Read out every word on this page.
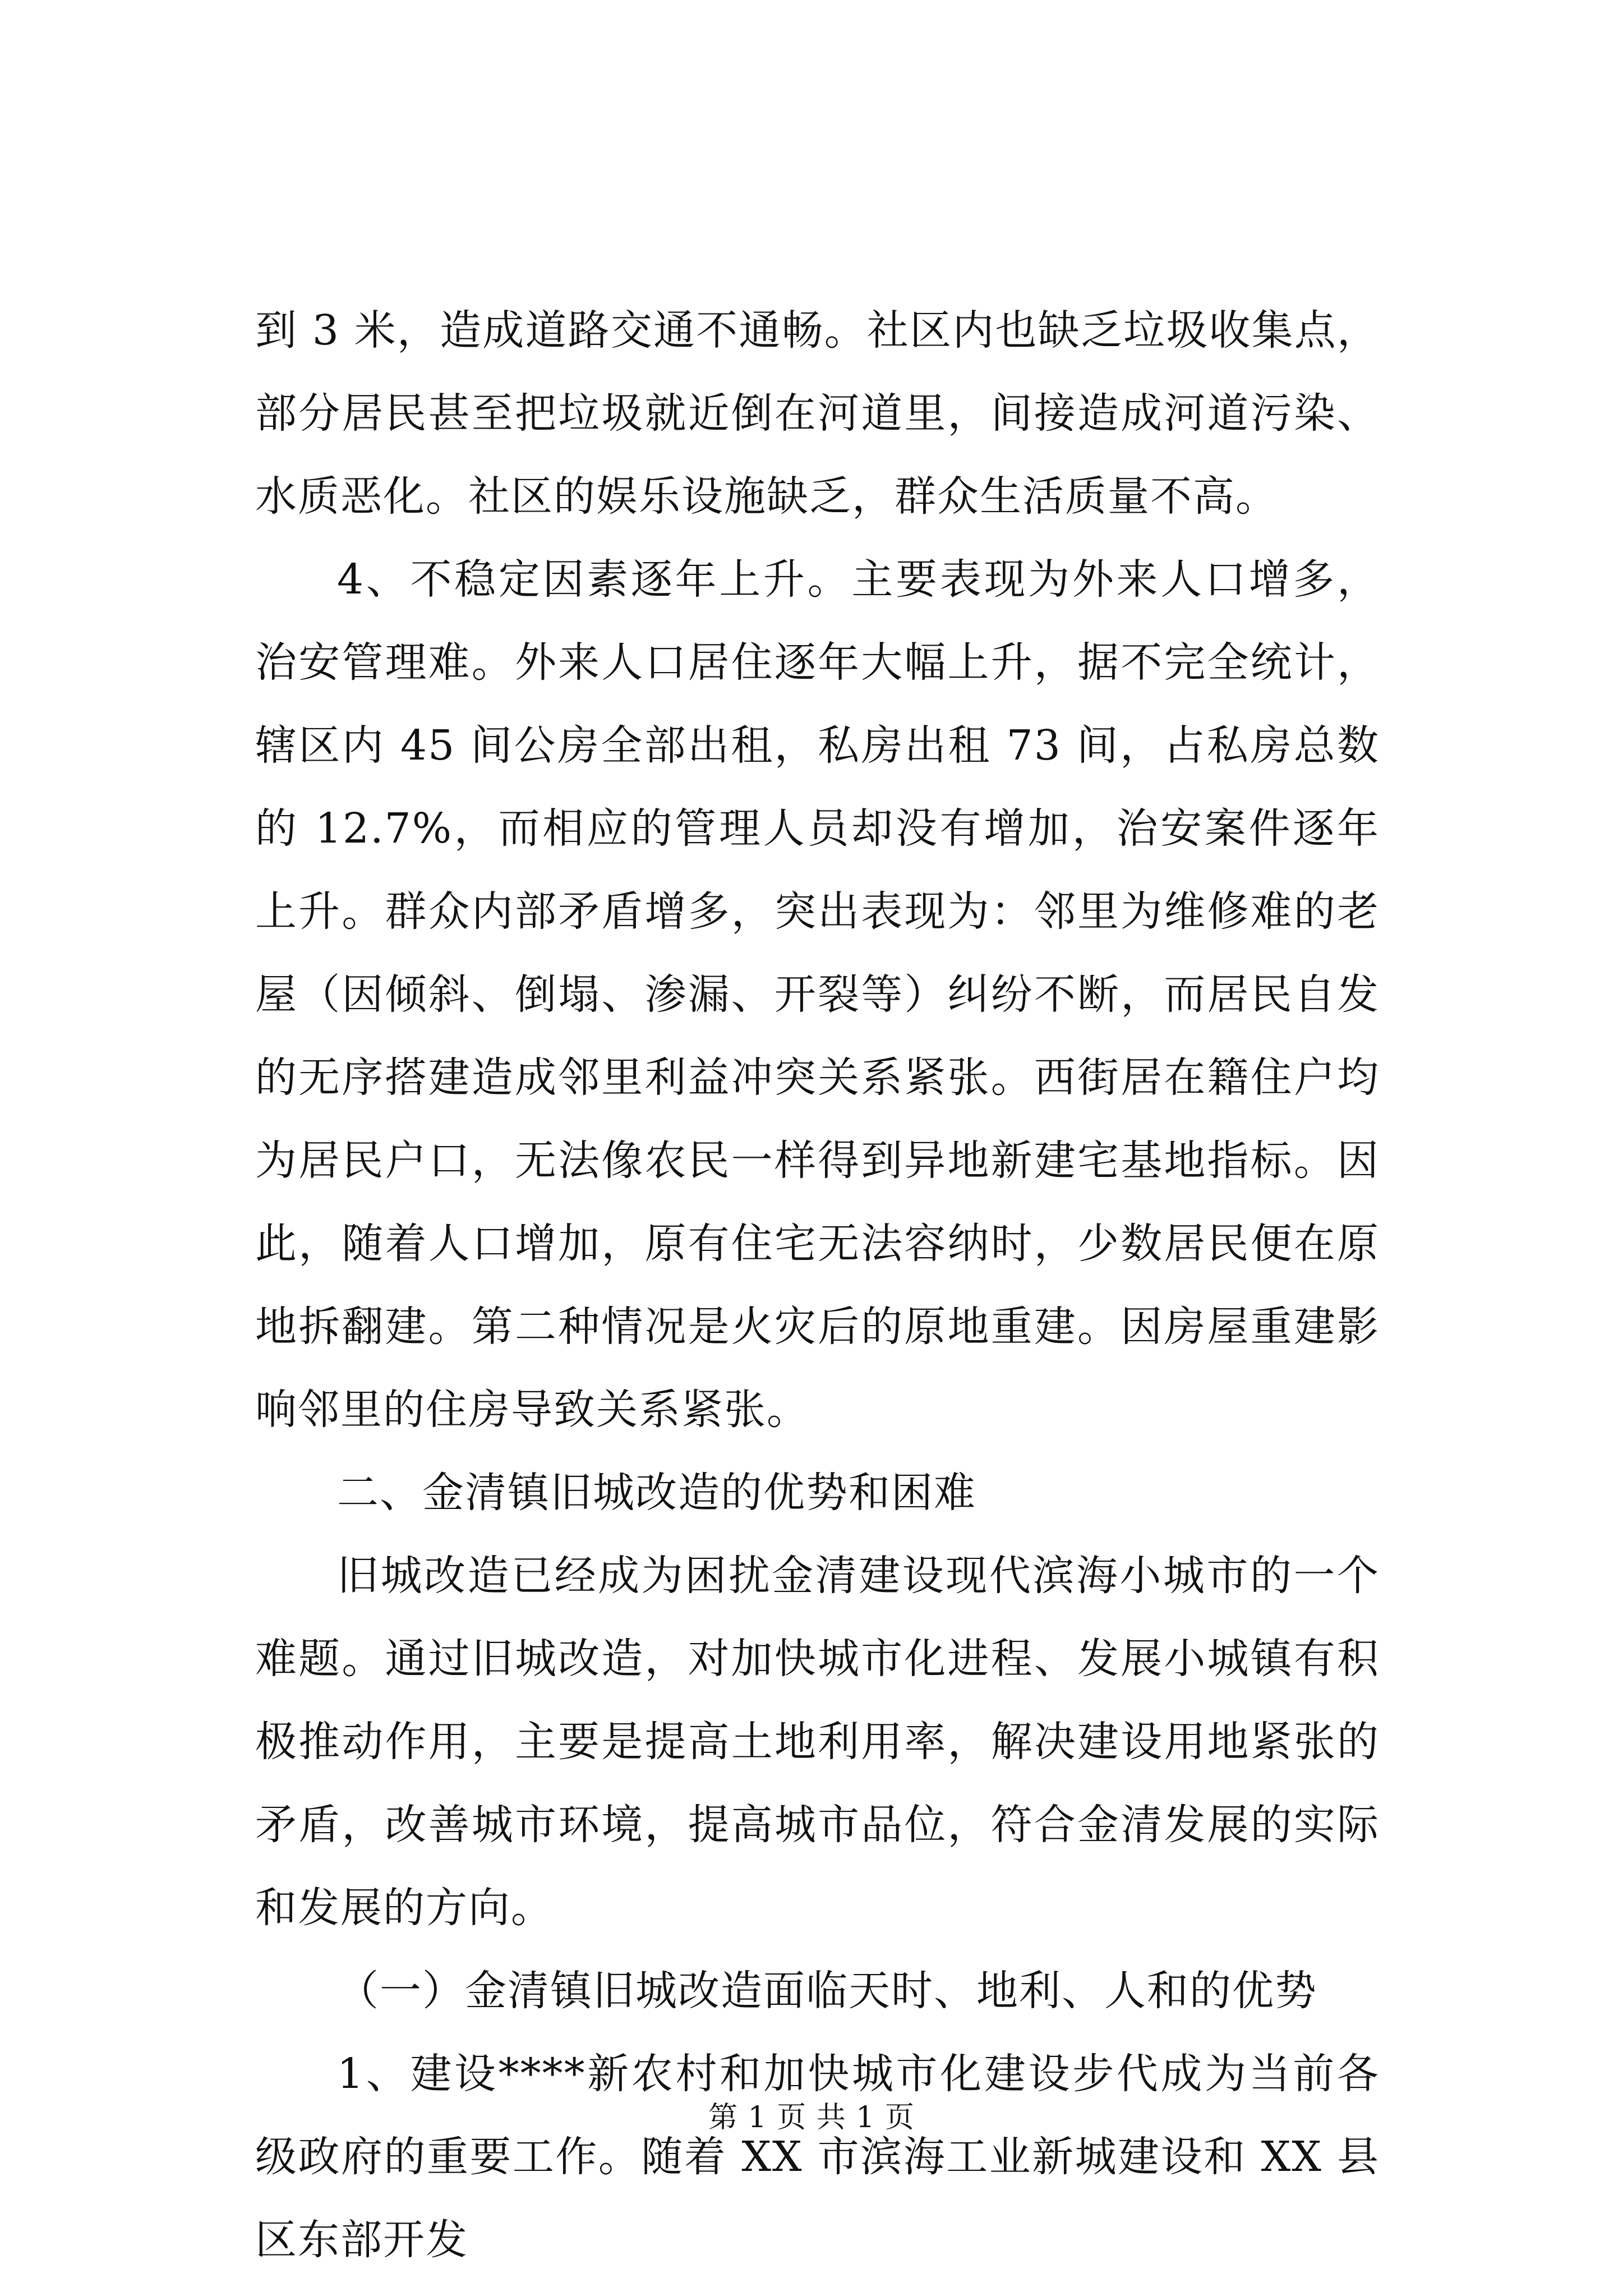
到 3 米，造成道路交通不通畅。社区内也缺乏垃圾收集点，部分居民甚至把垃圾就近倒在河道里，间接造成河道污染、水质恶化。社区的娱乐设施缺乏，群众生活质量不高。

4、不稳定因素逐年上升。主要表现为外来人口增多，治安管理难。外来人口居住逐年大幅上升，据不完全统计，辖区内 45 间公房全部出租，私房出租 73 间，占私房总数的 12.7%，而相应的管理人员却没有增加，治安案件逐年上升。群众内部矛盾增多，突出表现为：邻里为维修难的老屋（因倾斜、倒塌、渗漏、开裂等）纠纷不断，而居民自发的无序搭建造成邻里利益冲突关系紧张。西街居在籍住户均为居民户口，无法像农民一样得到异地新建宅基地指标。因此，随着人口增加，原有住宅无法容纳时，少数居民便在原地拆翻建。第二种情况是火灾后的原地重建。因房屋重建影响邻里的住房导致关系紧张。

二、金清镇旧城改造的优势和困难

旧城改造已经成为困扰金清建设现代滨海小城市的一个难题。通过旧城改造，对加快城市化进程、发展小城镇有积极推动作用，主要是提高土地利用率，解决建设用地紧张的矛盾，改善城市环境，提高城市品位，符合金清发展的实际和发展的方向。

（一）金清镇旧城改造面临天时、地利、人和的优势

1、建设****新农村和加快城市化建设步代成为当前各级政府的重要工作。随着 XX 市滨海工业新城建设和 XX 县区东部开发

第 1 页 共 1 页
